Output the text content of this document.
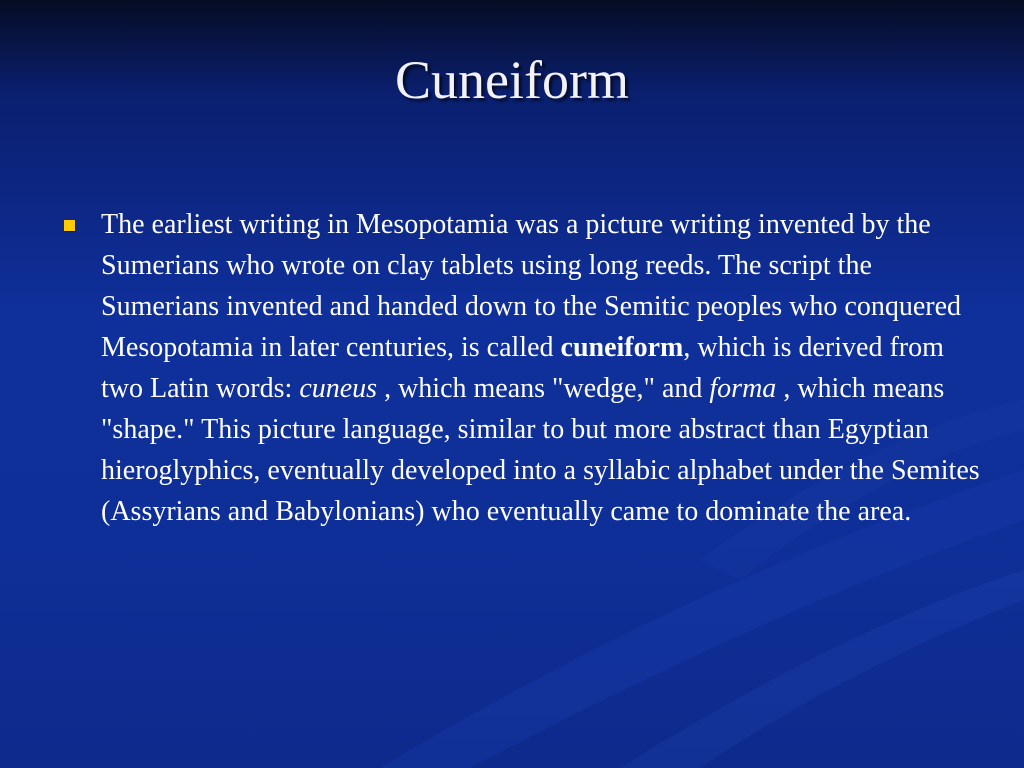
Cuneiform
The earliest writing in Mesopotamia was a picture writing invented by the Sumerians who wrote on clay tablets using long reeds. The script the Sumerians invented and handed down to the Semitic peoples who conquered Mesopotamia in later centuries, is called cuneiform, which is derived from two Latin words: cuneus , which means "wedge," and forma , which means "shape." This picture language, similar to but more abstract than Egyptian hieroglyphics, eventually developed into a syllabic alphabet under the Semites (Assyrians and Babylonians) who eventually came to dominate the area.
